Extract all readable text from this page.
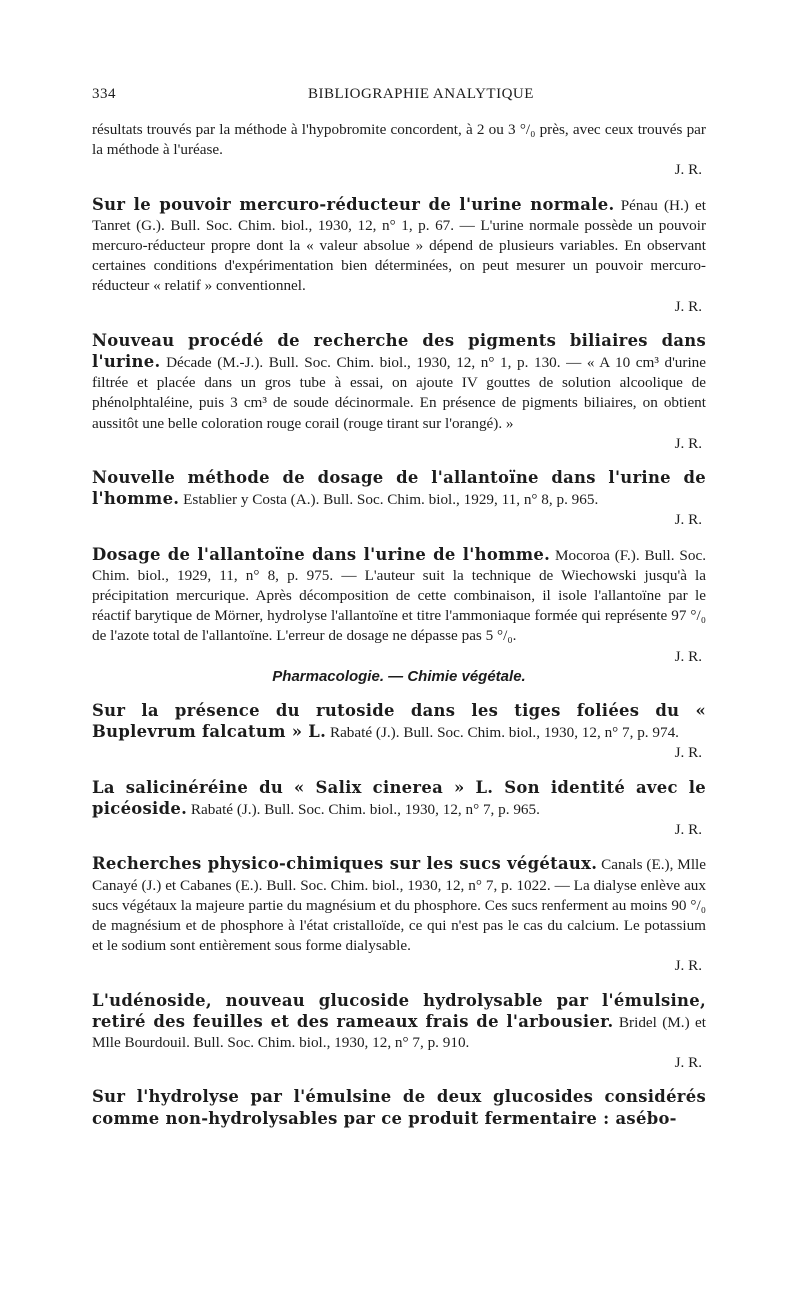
334	BIBLIOGRAPHIE ANALYTIQUE

résultats trouvés par la méthode à l'hypobromite concordent, à 2 ou 3 °/₀ près, avec ceux trouvés par la méthode à l'uréase.

J. R.

Sur le pouvoir mercuro-réducteur de l'urine normale. Pénau (H.) et Tanret (G.). Bull. Soc. Chim. biol., 1930, 12, n° 1, p. 67. — L'urine normale possède un pouvoir mercuro-réducteur propre dont la « valeur absolue » dépend de plusieurs variables. En observant certaines conditions d'expérimentation bien déterminées, on peut mesurer un pouvoir mercuro-réducteur « relatif » conventionnel.

J. R.

Nouveau procédé de recherche des pigments biliaires dans l'urine. Décade (M.-J.). Bull. Soc. Chim. biol., 1930, 12, n° 1, p. 130. — « A 10 cm³ d'urine filtrée et placée dans un gros tube à essai, on ajoute IV gouttes de solution alcoolique de phénolphtaléine, puis 3 cm³ de soude décinormale. En présence de pigments biliaires, on obtient aussitôt une belle coloration rouge corail (rouge tirant sur l'orangé). »

J. R.

Nouvelle méthode de dosage de l'allantoïne dans l'urine de l'homme. Establier y Costa (A.). Bull. Soc. Chim. biol., 1929, 11, n° 8, p. 965.

J. R.

Dosage de l'allantoïne dans l'urine de l'homme. Mocoroa (F.). Bull. Soc. Chim. biol., 1929, 11, n° 8, p. 975. — L'auteur suit la technique de Wiechowski jusqu'à la précipitation mercurique. Après décomposition de cette combinaison, il isole l'allantoïne par le réactif barytique de Mörner, hydrolyse l'allantoïne et titre l'ammoniaque formée qui représente 97 °/₀ de l'azote total de l'allantoïne. L'erreur de dosage ne dépasse pas 5 °/₀.

J. R.

Pharmacologie. — Chimie végétale.

Sur la présence du rutoside dans les tiges foliées du « Buplevrum falcatum » L. Rabaté (J.). Bull. Soc. Chim. biol., 1930, 12, n° 7, p. 974.

J. R.

La salicinéréine du « Salix cinerea » L. Son identité avec le picéoside. Rabaté (J.). Bull. Soc. Chim. biol., 1930, 12, n° 7, p. 965.

J. R.

Recherches physico-chimiques sur les sucs végétaux. Canals (E.), Mlle Canayé (J.) et Cabanes (E.). Bull. Soc. Chim. biol., 1930, 12, n° 7, p. 1022. — La dialyse enlève aux sucs végétaux la majeure partie du magnésium et du phosphore. Ces sucs renferment au moins 90 °/₀ de magnésium et de phosphore à l'état cristalloïde, ce qui n'est pas le cas du calcium. Le potassium et le sodium sont entièrement sous forme dialysable.

J. R.

L'udénoside, nouveau glucoside hydrolysable par l'émulsine, retiré des feuilles et des rameaux frais de l'arbousier. Bridel (M.) et Mlle Bourdouil. Bull. Soc. Chim. biol., 1930, 12, n° 7, p. 910.

J. R.

Sur l'hydrolyse par l'émulsine de deux glucosides considérés comme non-hydrolysables par ce produit fermentaire : asébo-
